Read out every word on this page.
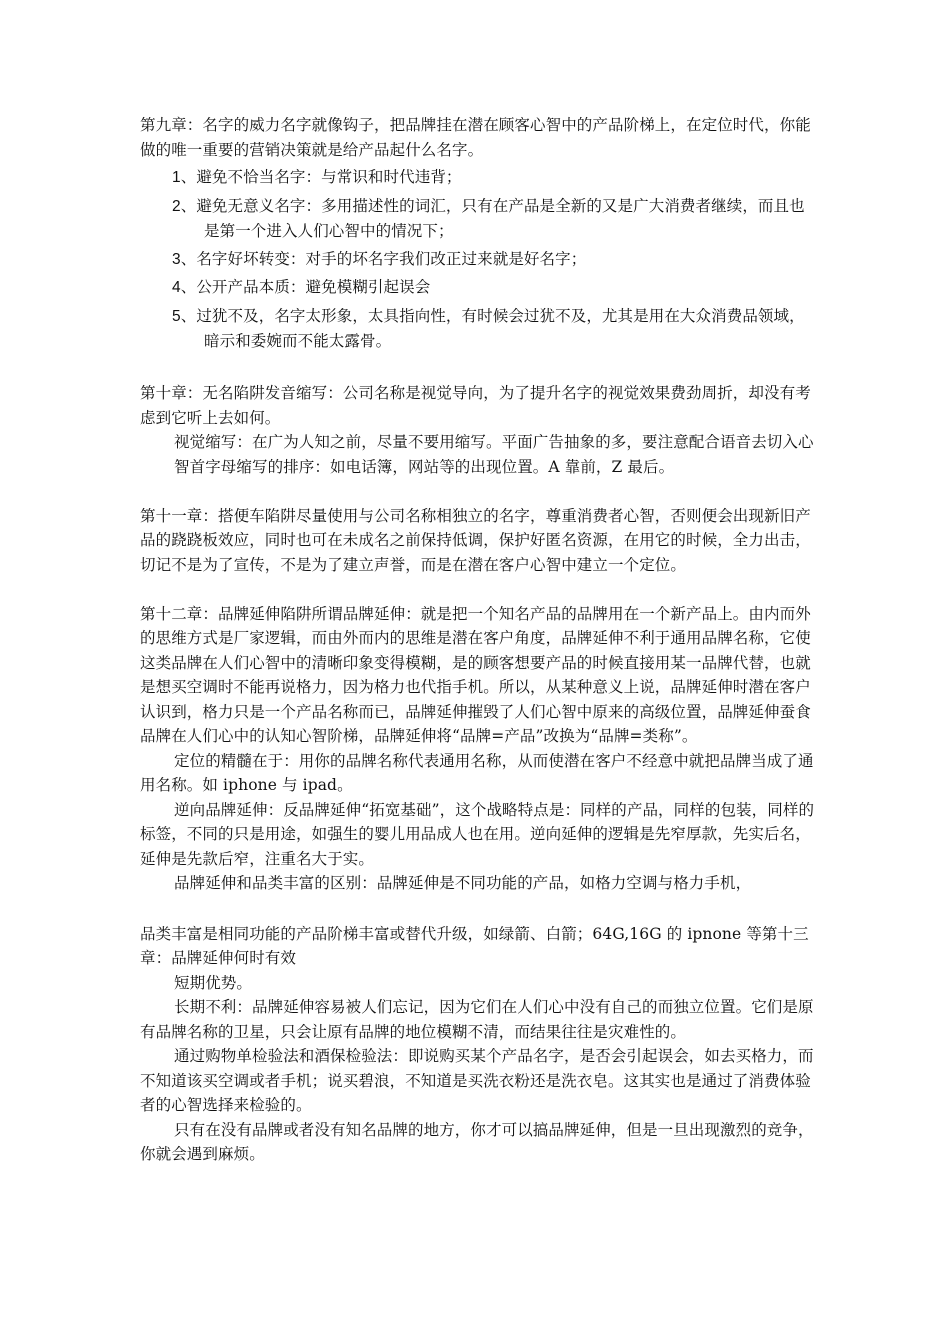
第九章：名字的威力名字就像钩子，把品牌挂在潜在顾客心智中的产品阶梯上，在定位时代，你能做的唯一重要的营销决策就是给产品起什么名字。

1、避免不恰当名字：与常识和时代违背；
2、避免无意义名字：多用描述性的词汇，只有在产品是全新的又是广大消费者继续，而且也是第一个进入人们心智中的情况下；
3、名字好坏转变：对手的坏名字我们改正过来就是好名字；
4、公开产品本质：避免模糊引起误会
5、过犹不及，名字太形象，太具指向性，有时候会过犹不及，尤其是用在大众消费品领域，暗示和委婉而不能太露骨。

第十章：无名陷阱发音缩写：公司名称是视觉导向，为了提升名字的视觉效果费劲周折，却没有考虑到它听上去如何。

视觉缩写：在广为人知之前，尽量不要用缩写。平面广告抽象的多，要注意配合语音去切入心智首字母缩写的排序：如电话簿，网站等的出现位置。A 靠前，Z 最后。

第十一章：搭便车陷阱尽量使用与公司名称相独立的名字，尊重消费者心智，否则便会出现新旧产品的跷跷板效应，同时也可在未成名之前保持低调，保护好匿名资源，在用它的时候，全力出击，切记不是为了宣传，不是为了建立声誉，而是在潜在客户心智中建立一个定位。

第十二章：品牌延伸陷阱所谓品牌延伸：就是把一个知名产品的品牌用在一个新产品上。由内而外的思维方式是厂家逻辑，而由外而内的思维是潜在客户角度，品牌延伸不利于通用品牌名称，它使这类品牌在人们心智中的清晰印象变得模糊，是的顾客想要产品的时候直接用某一品牌代替，也就是想买空调时不能再说格力，因为格力也代指手机。所以，从某种意义上说，品牌延伸时潜在客户认识到，格力只是一个产品名称而已，品牌延伸摧毁了人们心智中原来的高级位置，品牌延伸蚕食品牌在人们心中的认知心智阶梯，品牌延伸将“品牌=产品”改换为“品牌=类称”。

定位的精髓在于：用你的品牌名称代表通用名称，从而使潜在客户不经意中就把品牌当成了通用名称。如 iphone 与 ipad。

逆向品牌延伸：反品牌延伸“拓宽基础”，这个战略特点是：同样的产品，同样的包装，同样的标签，不同的只是用途，如强生的婴儿用品成人也在用。逆向延伸的逻辑是先窄厚款，先实后名，延伸是先款后窄，注重名大于实。

品牌延伸和品类丰富的区别：品牌延伸是不同功能的产品，如格力空调与格力手机，

品类丰富是相同功能的产品阶梯丰富或替代升级，如绿箭、白箭；64G,16G 的 ipnone 等第十三章：品牌延伸何时有效

短期优势。

长期不利：品牌延伸容易被人们忘记，因为它们在人们心中没有自己的而独立位置。它们是原有品牌名称的卫星，只会让原有品牌的地位模糊不清，而结果往往是灾难性的。

通过购物单检验法和酒保检验法：即说购买某个产品名字，是否会引起误会，如去买格力，而不知道该买空调或者手机；说买碧浪，不知道是买洗衣粉还是洗衣皂。这其实也是通过了消费体验者的心智选择来检验的。

只有在没有品牌或者没有知名品牌的地方，你才可以搞品牌延伸，但是一旦出现激烈的竞争，你就会遇到麻烦。
